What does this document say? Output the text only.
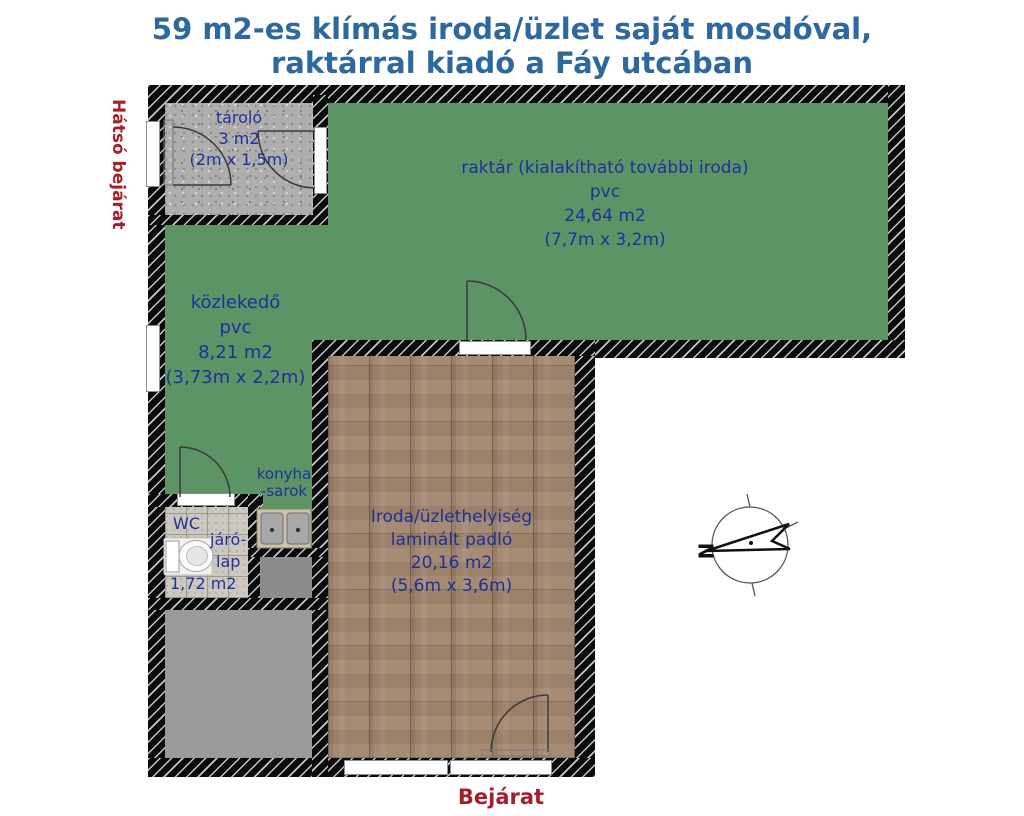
59 m2-es klímás iroda/üzlet saját mosdóval,
raktárral kiadó a Fáy utcában
N
tároló
3 m2
(2m x 1,5m)	raktár (kialakítható további iroda)
pvc
24,64 m2
(7,7m x 3,2m)
közlekedő
pvc
8,21 m2
(3,73m x 2,2m)
konyha
-sarok
WC
járó-
lap
1,72 m2
Iroda/üzlethelyiség
laminált padló
20,16 m2
(5,6m x 3,6m)
Hátsó bejárat
Bejárat
